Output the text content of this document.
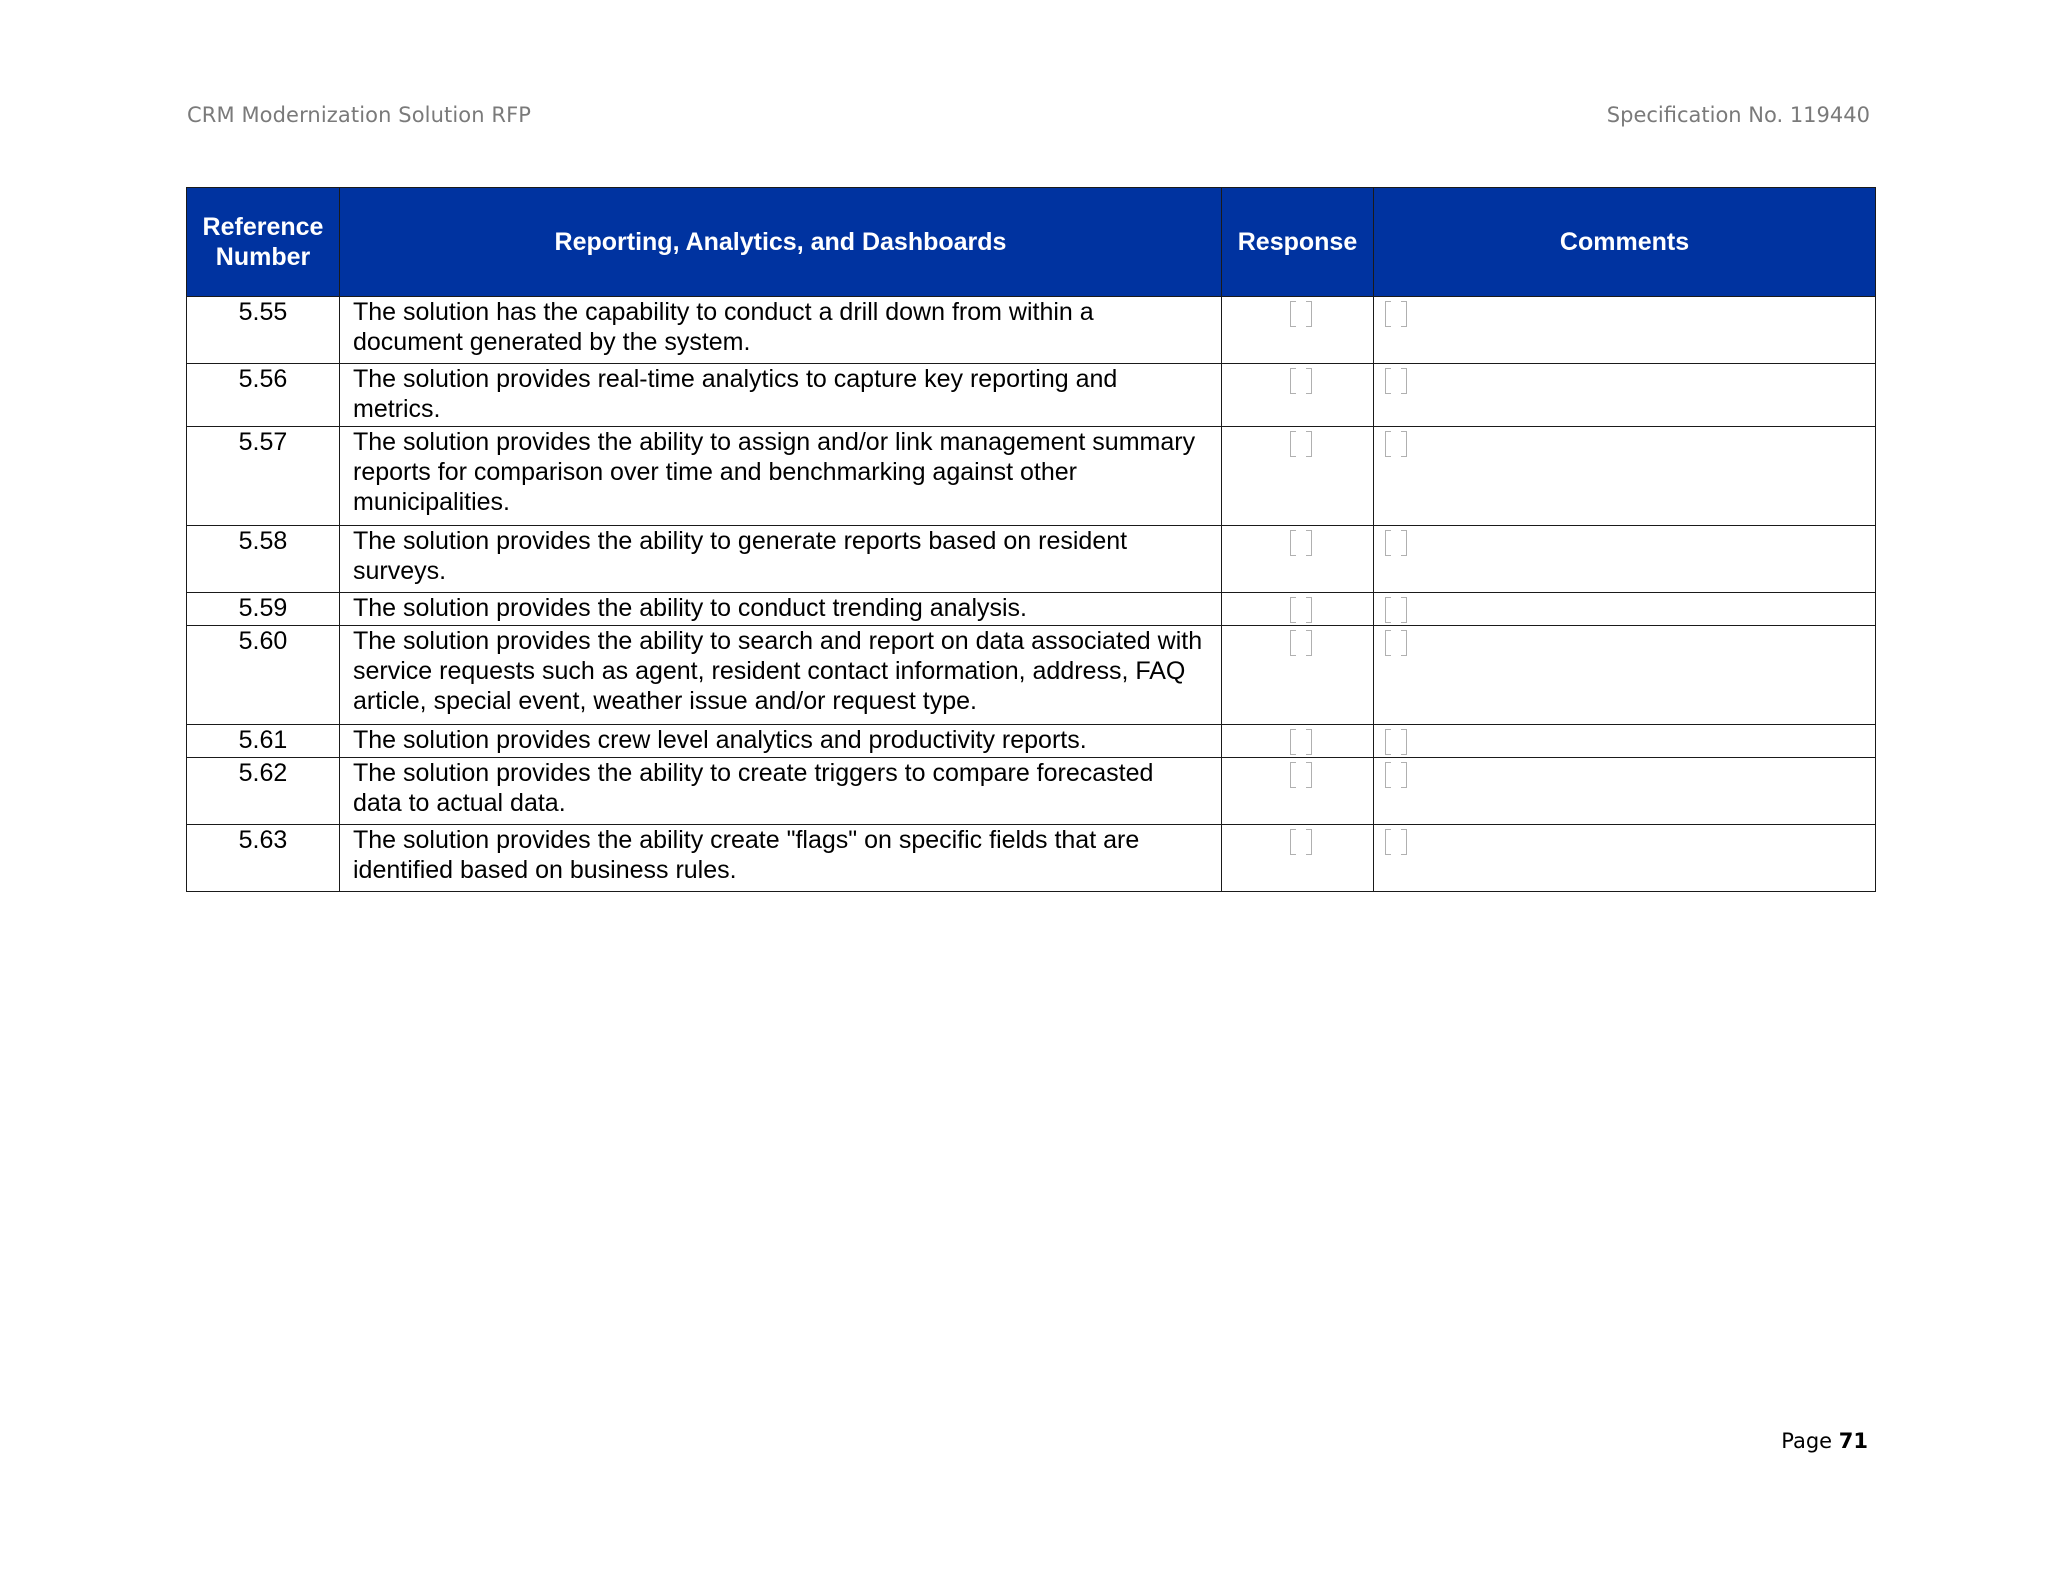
CRM Modernization Solution RFP	Specification No. 119440
Reference Number	Reporting, Analytics, and Dashboards	Response	Comments
5.55	The solution has the capability to conduct a drill down from within a document generated by the system.	

5.56	The solution provides real-time analytics to capture key reporting and metrics.	

5.57	The solution provides the ability to assign and/or link management summary reports for comparison over time and benchmarking against other municipalities.	

5.58	The solution provides the ability to generate reports based on resident surveys.	

5.59	The solution provides the ability to conduct trending analysis.	

5.60	The solution provides the ability to search and report on data associated with service requests such as agent, resident contact information, address, FAQ article, special event, weather issue and/or request type.	

5.61	The solution provides crew level analytics and productivity reports.	

5.62	The solution provides the ability to create triggers to compare forecasted data to actual data.	

5.63	The solution provides the ability create "flags" on specific fields that are identified based on business rules.	

Page 71
